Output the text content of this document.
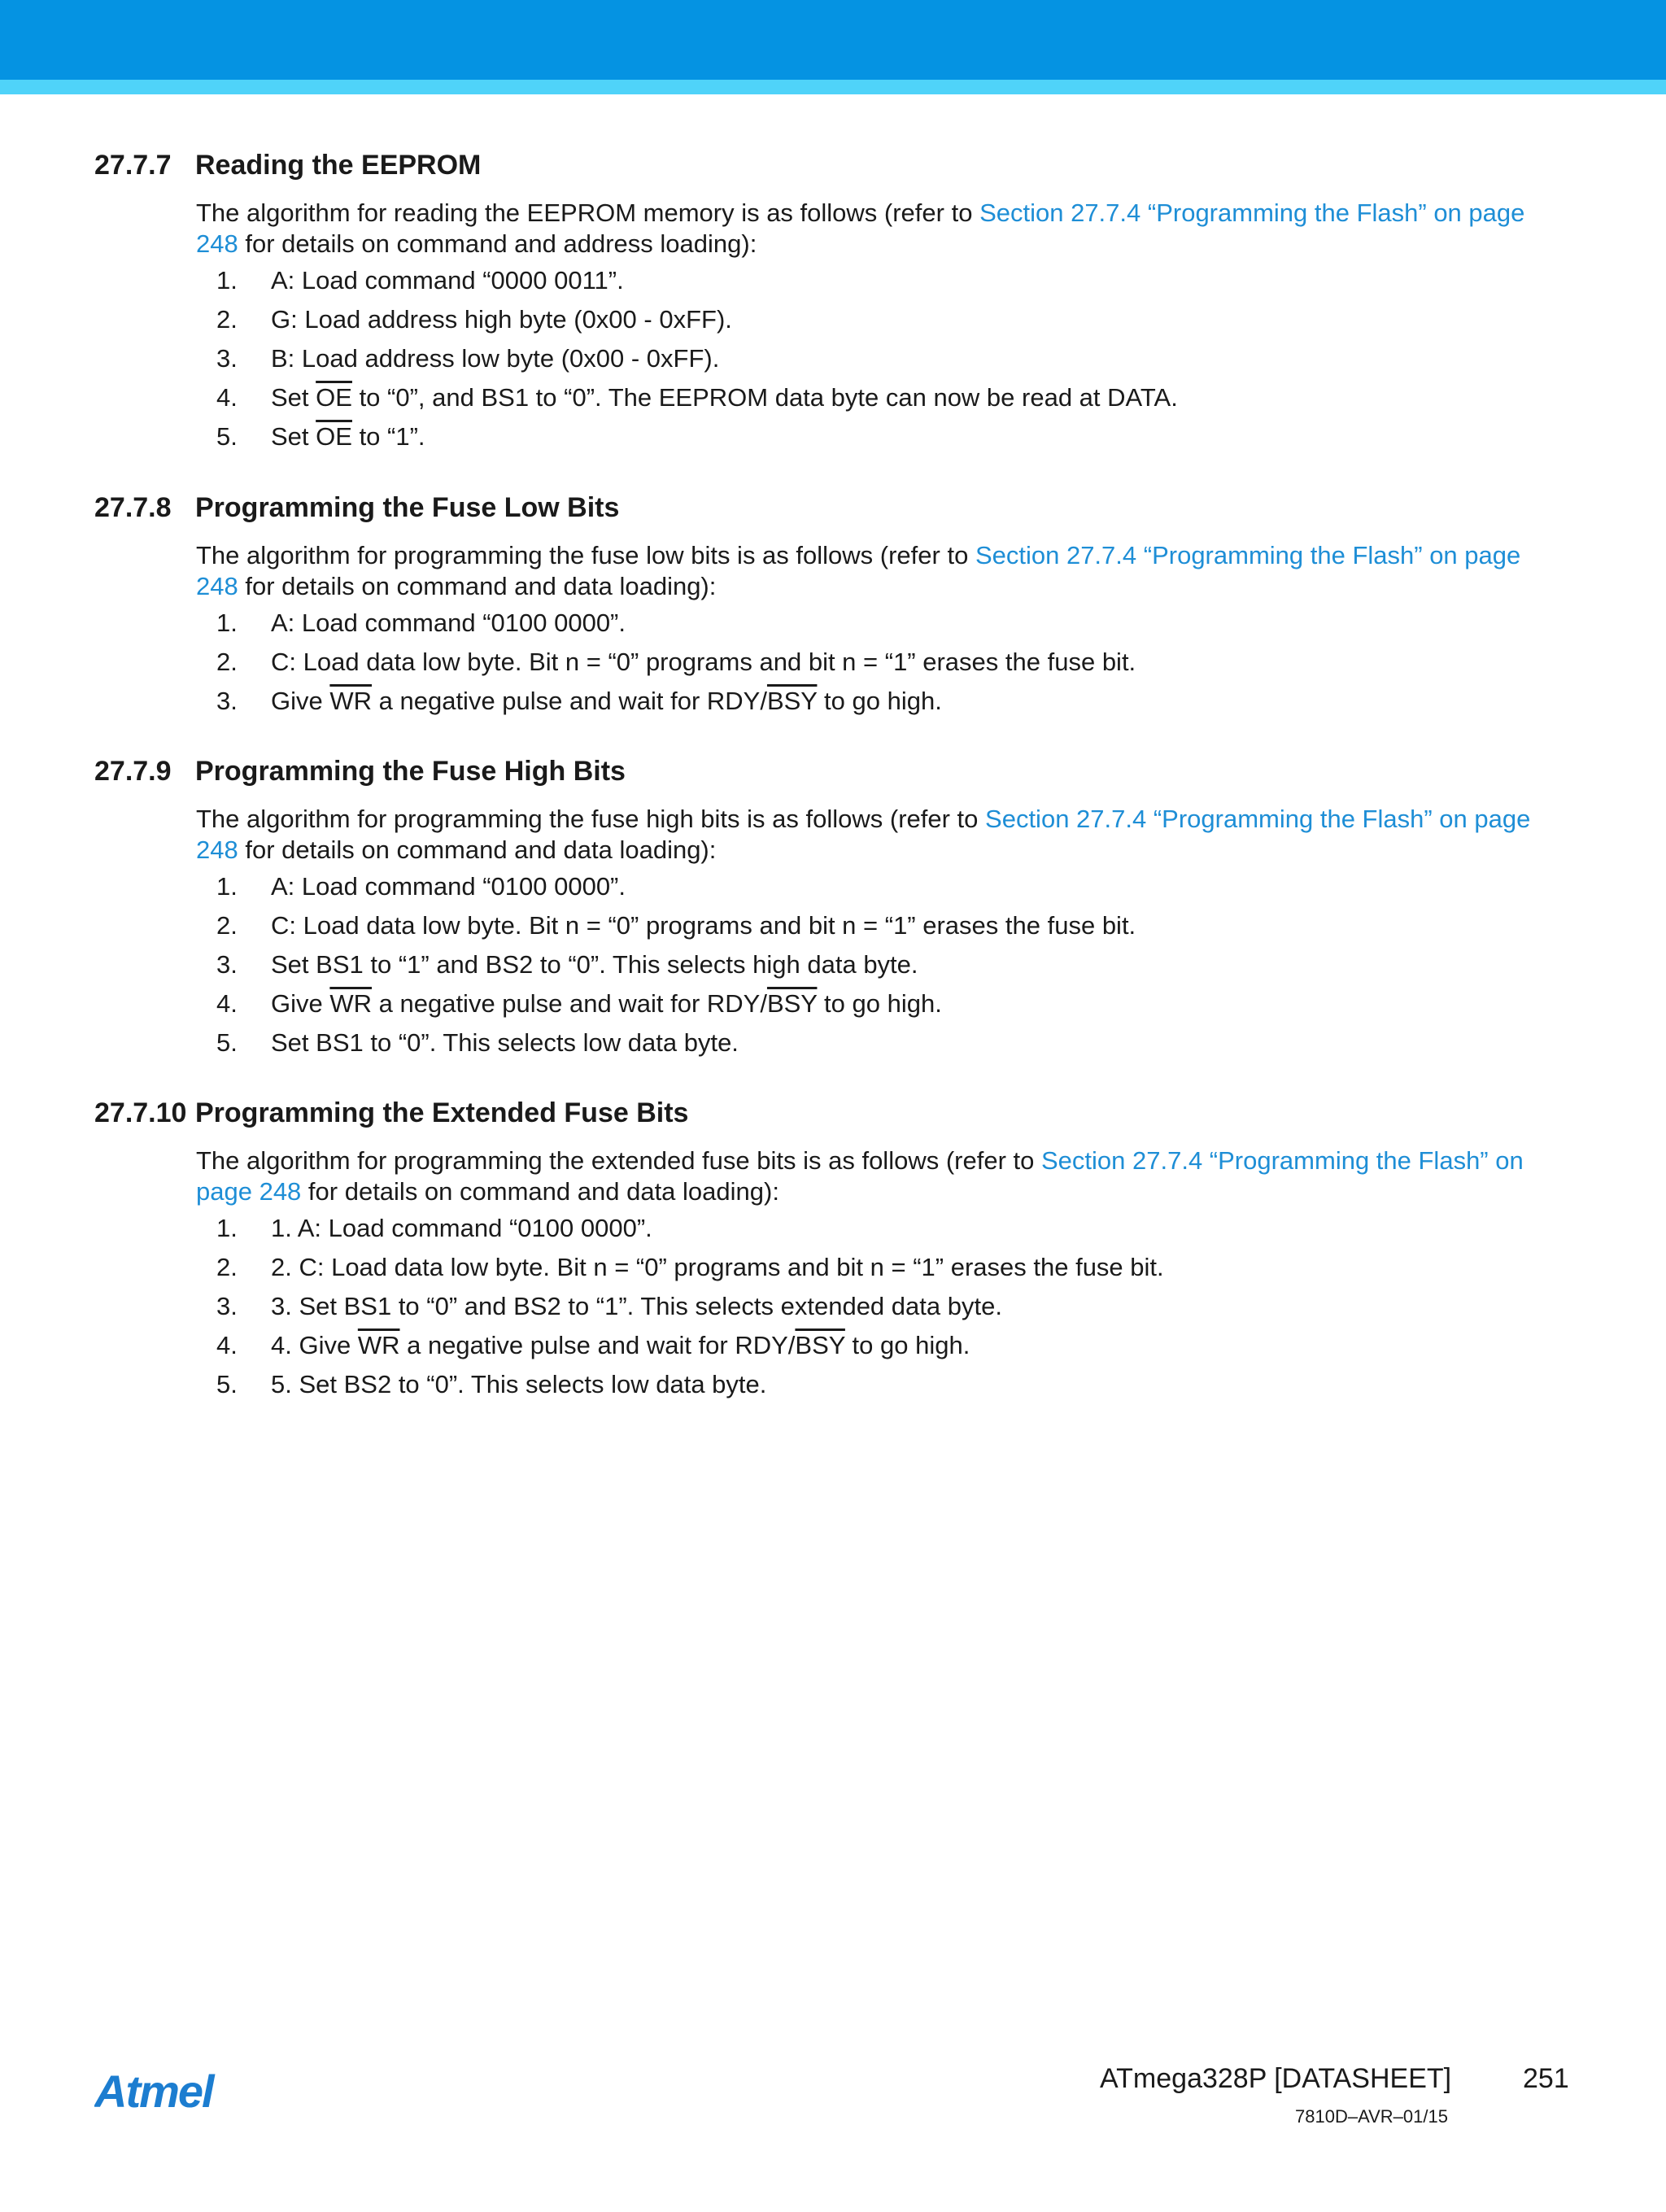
27.7.7 Reading the EEPROM

The algorithm for reading the EEPROM memory is as follows (refer to Section 27.7.4 “Programming the Flash” on page 248 for details on command and address loading):

1. A: Load command “0000 0011”.
2. G: Load address high byte (0x00 - 0xFF).
3. B: Load address low byte (0x00 - 0xFF).
4. Set $\overline{OE}$ to “0”, and BS1 to “0”. The EEPROM data byte can now be read at DATA.
5. Set $\overline{OE}$ to “1”.
27.7.8 Programming the Fuse Low Bits

The algorithm for programming the fuse low bits is as follows (refer to Section 27.7.4 “Programming the Flash” on page 248 for details on command and data loading):

1. A: Load command “0100 0000”.
2. C: Load data low byte. Bit n = “0” programs and bit n = “1” erases the fuse bit.
3. Give $\overline{WR}$ a negative pulse and wait for RDY/$\overline{BSY}$ to go high.
27.7.9 Programming the Fuse High Bits

The algorithm for programming the fuse high bits is as follows (refer to Section 27.7.4 “Programming the Flash” on page 248 for details on command and data loading):

1. A: Load command “0100 0000”.
2. C: Load data low byte. Bit n = “0” programs and bit n = “1” erases the fuse bit.
3. Set BS1 to “1” and BS2 to “0”. This selects high data byte.
4. Give $\overline{WR}$ a negative pulse and wait for RDY/$\overline{BSY}$ to go high.
5. Set BS1 to “0”. This selects low data byte.
27.7.10 Programming the Extended Fuse Bits

The algorithm for programming the extended fuse bits is as follows (refer to Section 27.7.4 “Programming the Flash” on page 248 for details on command and data loading):

1. 1. A: Load command “0100 0000”.
2. 2. C: Load data low byte. Bit n = “0” programs and bit n = “1” erases the fuse bit.
3. 3. Set BS1 to “0” and BS2 to “1”. This selects extended data byte.
4. 4. Give $\overline{WR}$ a negative pulse and wait for RDY/$\overline{BSY}$ to go high.
5. 5. Set BS2 to “0”. This selects low data byte.
Atmel	ATmega328P [DATASHEET]	251
7810D–AVR–01/15
